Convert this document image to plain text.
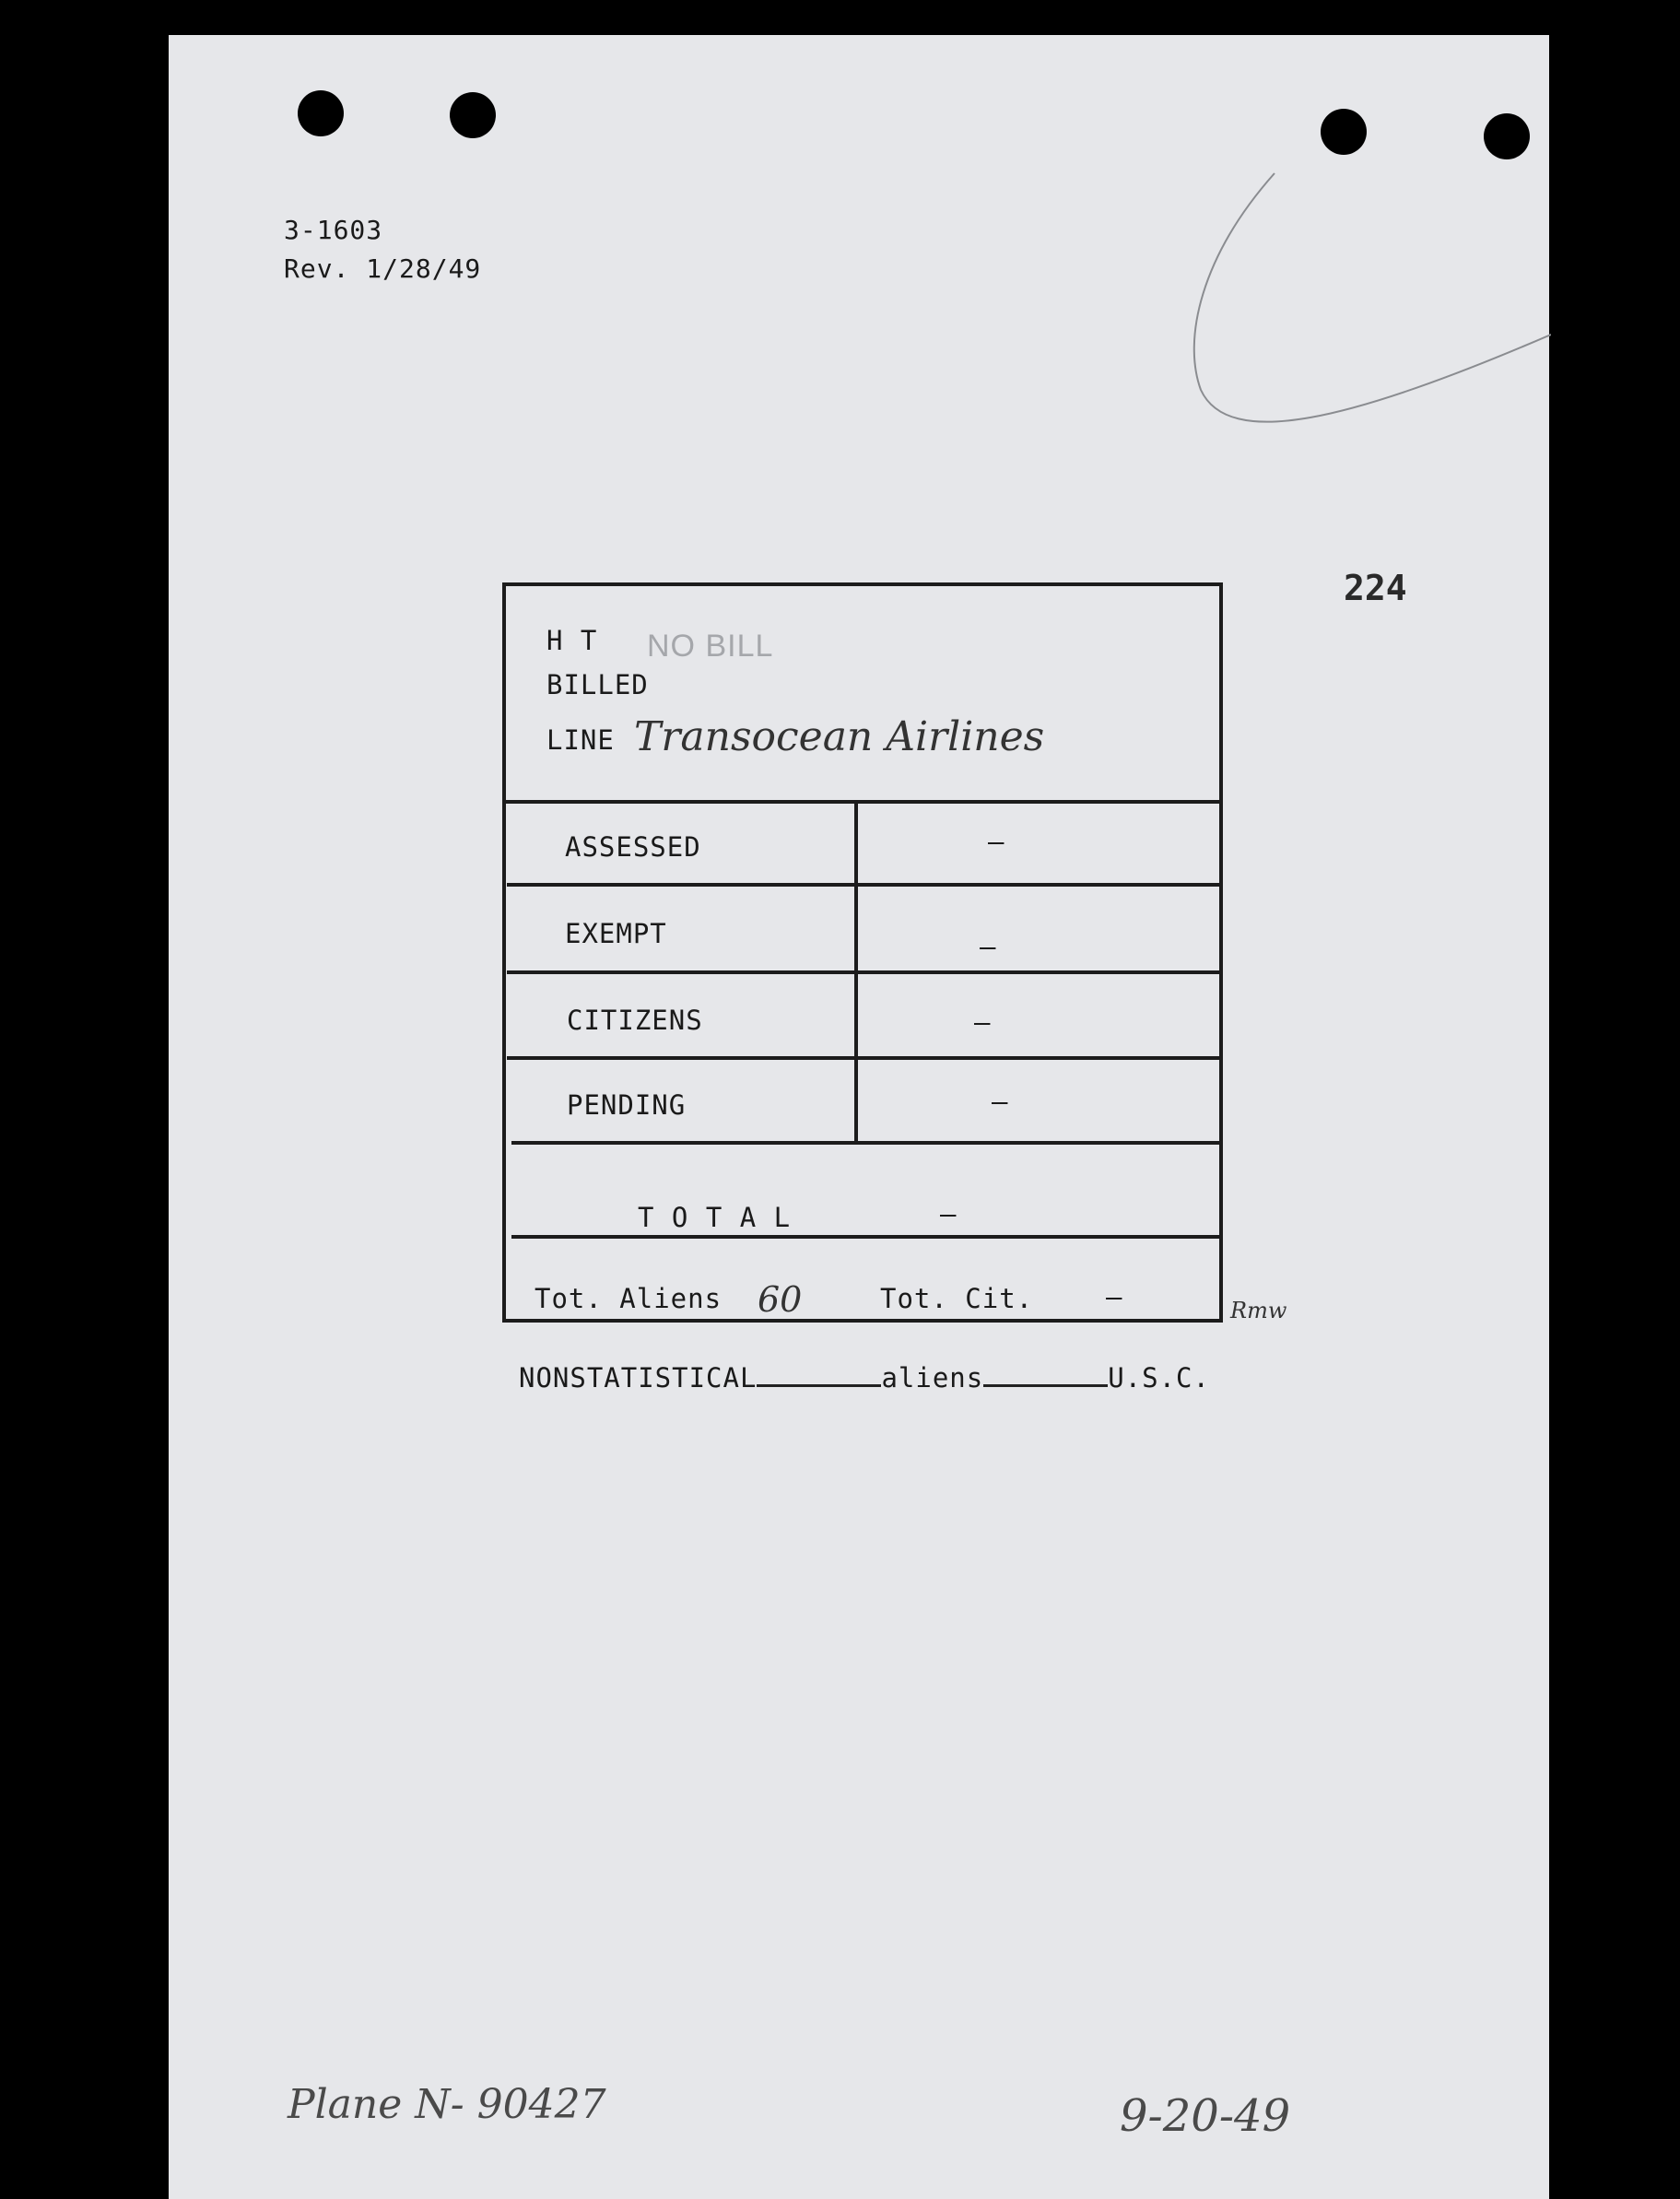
3-1603
Rev. 1/28/49
224
H T NO BILL
BILLED
LINE Transocean Airlines
ASSESSED	—
EXEMPT	—
CITIZENS	—
PENDING	—
T O T A L	—
Tot. Aliens 60	Tot. Cit.	—	Rmw
NONSTATISTICAL	aliens	U.S.C.
Plane N- 90427	9-20-49
